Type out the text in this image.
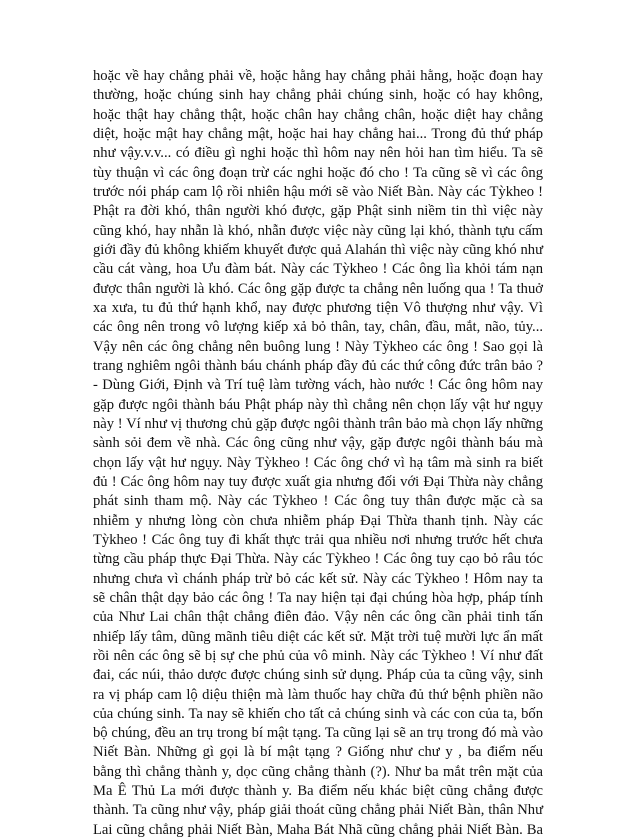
hoặc về hay chẳng phải về, hoặc hằng hay chẳng phải hằng, hoặc đoạn hay
thường, hoặc chúng sinh hay chẳng phải chúng sinh, hoặc có hay không,
hoặc thật hay chẳng thật, hoặc chân hay chẳng chân, hoặc diệt hay chẳng
diệt, hoặc mật hay chẳng mật, hoặc hai hay chẳng hai... Trong đủ thứ pháp
như vậy.v.v... có điều gì nghi hoặc thì hôm nay nên hỏi han tìm hiểu. Ta sẽ
tùy thuận vì các ông đoạn trừ các nghi hoặc đó cho ! Ta cũng sẽ vì các ông
trước nói pháp cam lộ rồi nhiên hậu mới sẽ vào Niết Bàn. Này các Tỳkheo !
Phật ra đời khó, thân người khó được, gặp Phật sinh niềm tin thì việc này
cũng khó, hay nhẫn là khó, nhẫn được việc này cũng lại khó, thành tựu cấm
giới đầy đủ không khiếm khuyết được quả Alahán thì việc này cũng khó như
cầu cát vàng, hoa Ưu đàm bát. Này các Tỳkheo ! Các ông lìa khỏi tám nạn
được thân người là khó. Các ông gặp được ta chẳng nên luống qua ! Ta thuở
xa xưa, tu đủ thứ hạnh khổ, nay được phương tiện Vô thượng như vậy. Vì
các ông nên trong vô lượng kiếp xả bỏ thân, tay, chân, đầu, mắt, não, tủy...
Vậy nên các ông chẳng nên buông lung ! Này Tỳkheo các ông ! Sao gọi là
trang nghiêm ngôi thành báu chánh pháp đầy đủ các thứ công đức trân bảo ?
- Dùng Giới, Định và Trí tuệ làm tường vách, hào nước ! Các ông hôm nay
gặp được ngôi thành báu Phật pháp này thì chẳng nên chọn lấy vật hư ngụy
này ! Ví như vị thương chủ gặp được ngôi thành trân bảo mà chọn lấy những
sành sỏi đem về nhà. Các ông cũng như vậy, gặp được ngôi thành báu mà
chọn lấy vật hư ngụy. Này Tỳkheo ! Các ông chớ vì hạ tâm mà sinh ra biết
đủ ! Các ông hôm nay tuy được xuất gia nhưng đối với Đại Thừa này chẳng
phát sinh tham mộ. Này các Tỳkheo ! Các ông tuy thân được mặc cà sa
nhiễm y nhưng lòng còn chưa nhiễm pháp Đại Thừa thanh tịnh. Này các
Tỳkheo ! Các ông tuy đi khất thực trải qua nhiều nơi nhưng trước hết chưa
từng cầu pháp thực Đại Thừa. Này các Tỳkheo ! Các ông tuy cạo bỏ râu tóc
nhưng chưa vì chánh pháp trừ bỏ các kết sử. Này các Tỳkheo ! Hôm nay ta
sẽ chân thật dạy bảo các ông ! Ta nay hiện tại đại chúng hòa hợp, pháp tính
của Như Lai chân thật chẳng điên đảo. Vậy nên các ông cần phải tinh tấn
nhiếp lấy tâm, dũng mãnh tiêu diệt các kết sử. Mặt trời tuệ mười lực ẩn mất
rồi nên các ông sẽ bị sự che phủ của vô minh. Này các Tỳkheo ! Ví như đất
đai, các núi, thảo dược được chúng sinh sử dụng. Pháp của ta cũng vậy, sinh
ra vị pháp cam lộ diệu thiện mà làm thuốc hay chữa đủ thứ bệnh phiền não
của chúng sinh. Ta nay sẽ khiến cho tất cả chúng sinh và các con của ta, bốn
bộ chúng, đều an trụ trong bí mật tạng. Ta cũng lại sẽ an trụ trong đó mà vào
Niết Bàn. Những gì gọi là bí mật tạng ? Giống như chư y , ba điểm nếu
bằng thì chẳng thành y, dọc cũng chẳng thành (?). Như ba mắt trên mặt của
Ma Ê Thủ La mới được thành y. Ba điểm nếu khác biệt cũng chẳng được
thành. Ta cũng như vậy, pháp giải thoát cũng chẳng phải Niết Bàn, thân Như
Lai cũng chẳng phải Niết Bàn, Maha Bát Nhã cũng chẳng phải Niết Bàn. Ba
